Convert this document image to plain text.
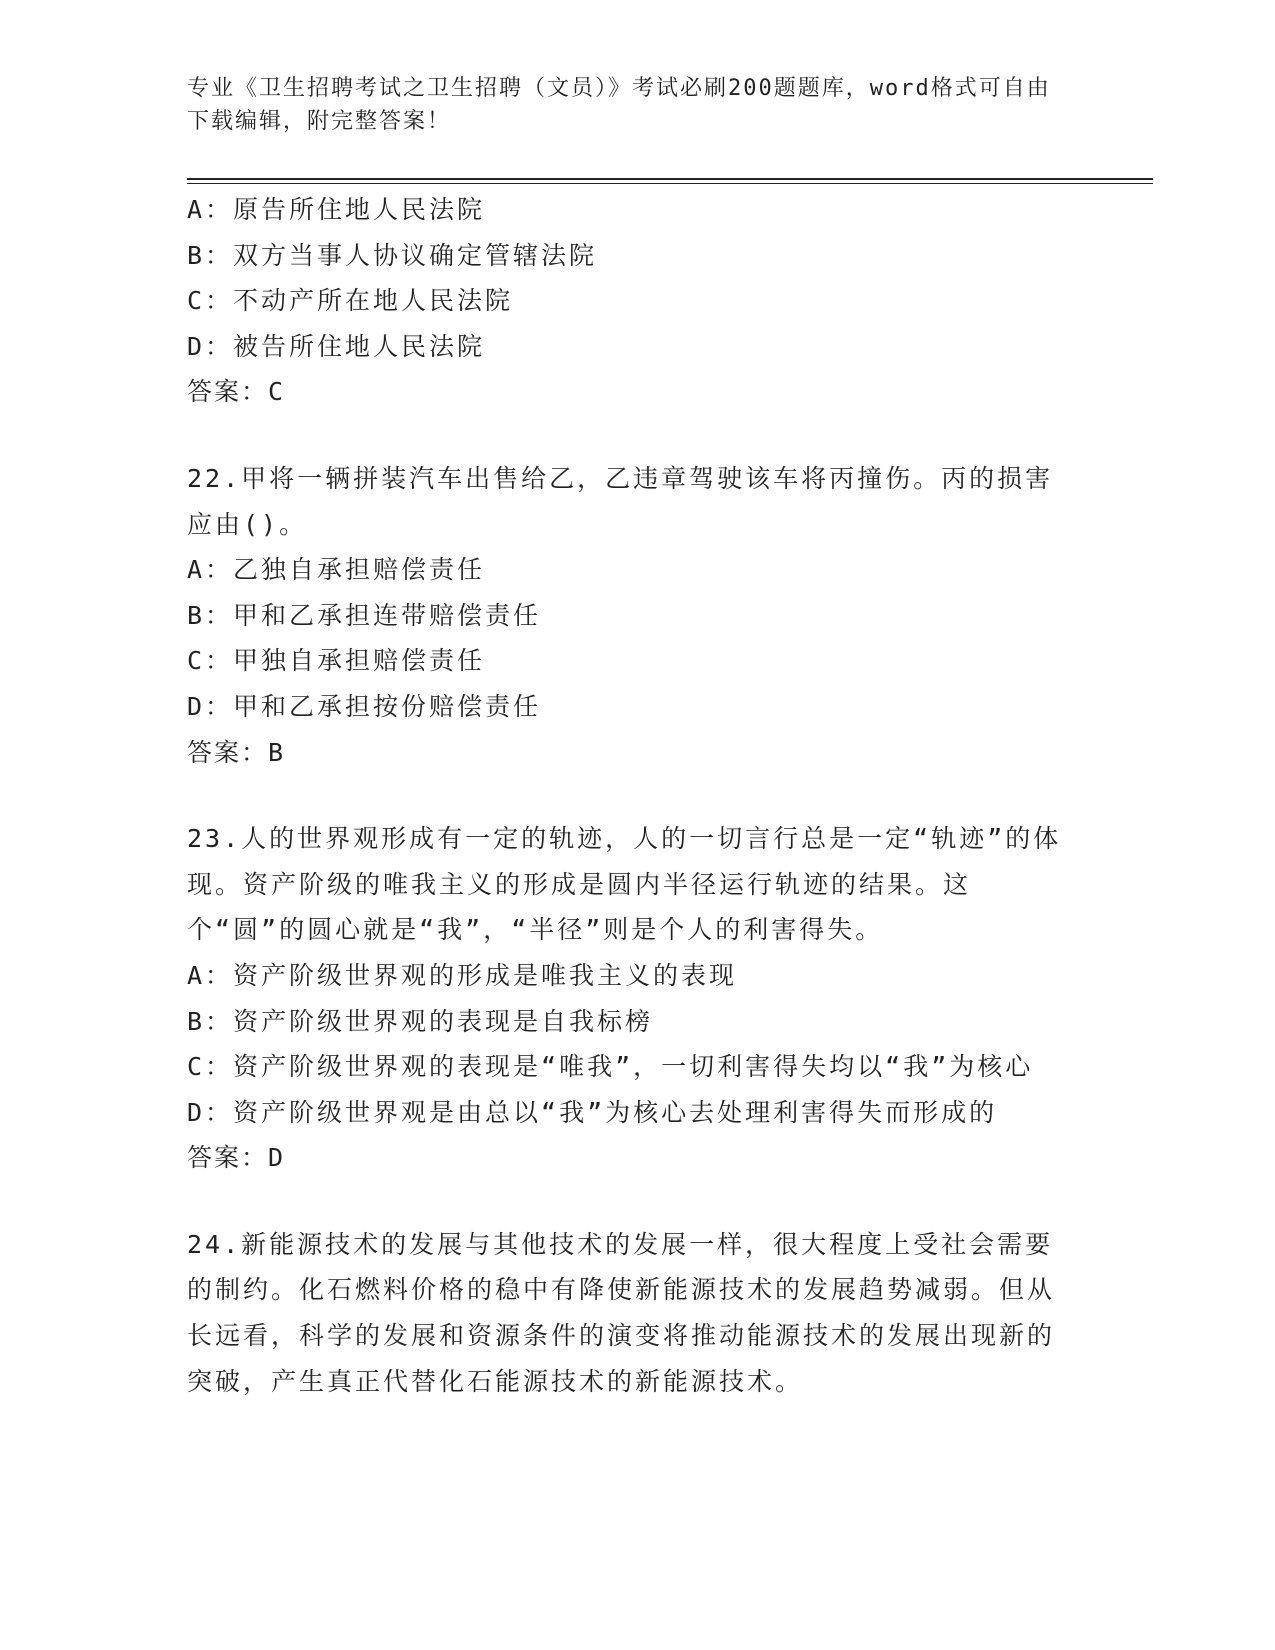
专业《卫生招聘考试之卫生招聘（文员）》考试必刷200题题库，word格式可自由下载编辑，附完整答案！
A：原告所住地人民法院
B：双方当事人协议确定管辖法院
C：不动产所在地人民法院
D：被告所住地人民法院
答案：C
22.甲将一辆拼装汽车出售给乙，乙违章驾驶该车将丙撞伤。丙的损害应由()。
A：乙独自承担赔偿责任
B：甲和乙承担连带赔偿责任
C：甲独自承担赔偿责任
D：甲和乙承担按份赔偿责任
答案：B
23.人的世界观形成有一定的轨迹，人的一切言行总是一定“轨迹”的体现。资产阶级的唯我主义的形成是圆内半径运行轨迹的结果。这个“圆”的圆心就是“我”，“半径”则是个人的利害得失。
A：资产阶级世界观的形成是唯我主义的表现
B：资产阶级世界观的表现是自我标榜
C：资产阶级世界观的表现是“唯我”，一切利害得失均以“我”为核心
D：资产阶级世界观是由总以“我”为核心去处理利害得失而形成的
答案：D
24.新能源技术的发展与其他技术的发展一样，很大程度上受社会需要的制约。化石燃料价格的稳中有降使新能源技术的发展趋势减弱。但从长远看，科学的发展和资源条件的演变将推动能源技术的发展出现新的突破，产生真正代替化石能源技术的新能源技术。
